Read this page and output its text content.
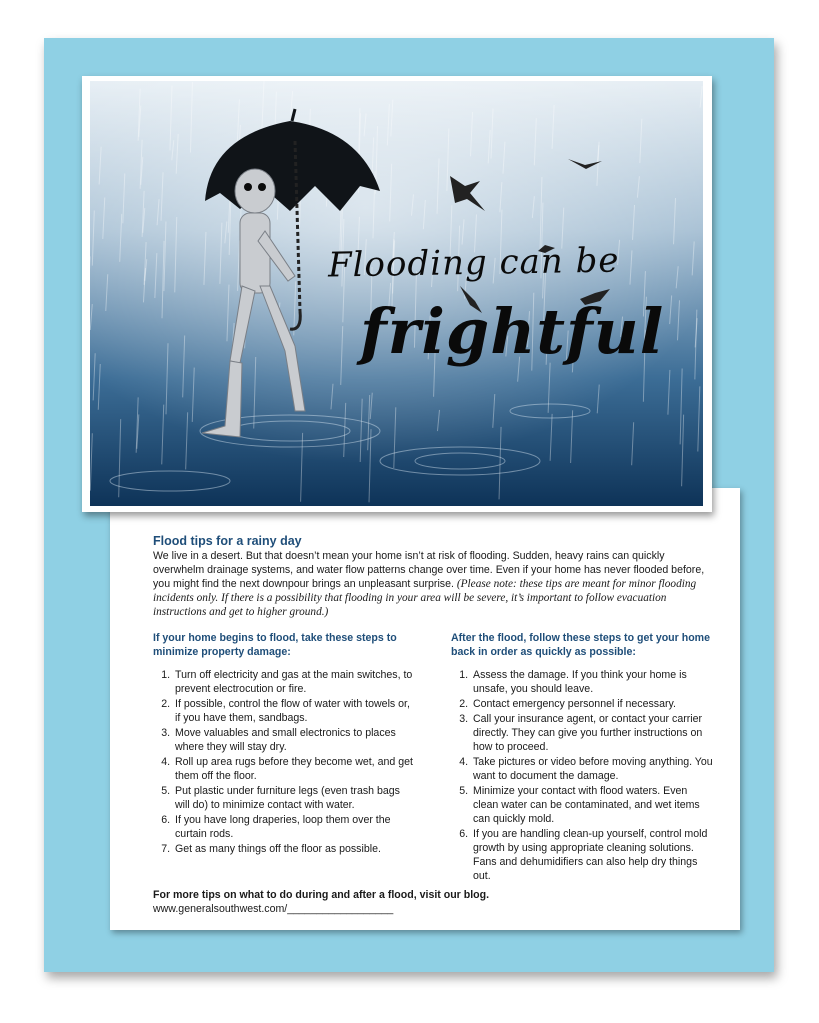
Flooding can be
frightful
Flood tips for a rainy day

We live in a desert. But that doesn’t mean your home isn’t at risk of flooding. Sudden, heavy rains can quickly overwhelm drainage systems, and water flow patterns change over time. Even if your home has never flooded before, you might find the next downpour brings an unpleasant surprise. (Please note: these tips are meant for minor flooding incidents only. If there is a possibility that flooding in your area will be severe, it’s important to follow evacuation instructions and get to higher ground.)

If your home begins to flood, take these steps to minimize property damage:
1. Turn off electricity and gas at the main switches, to prevent electrocution or fire.
2. If possible, control the flow of water with towels or, if you have them, sandbags.
3. Move valuables and small electronics to places where they will stay dry.
4. Roll up area rugs before they become wet, and get them off the floor.
5. Put plastic under furniture legs (even trash bags will do) to minimize contact with water.
6. If you have long draperies, loop them over the curtain rods.
7. Get as many things off the floor as possible.
After the flood, follow these steps to get your home back in order as quickly as possible:
1. Assess the damage. If you think your home is unsafe, you should leave.
2. Contact emergency personnel if necessary.
3. Call your insurance agent, or contact your carrier directly. They can give you further instructions on how to proceed.
4. Take pictures or video before moving anything. You want to document the damage.
5. Minimize your contact with flood waters. Even clean water can be contaminated, and wet items can quickly mold.
6. If you are handling clean-up yourself, control mold growth by using appropriate cleaning solutions. Fans and dehumidifiers can also help dry things out.
For more tips on what to do during and after a flood, visit our blog.
www.generalsouthwest.com/__________________
